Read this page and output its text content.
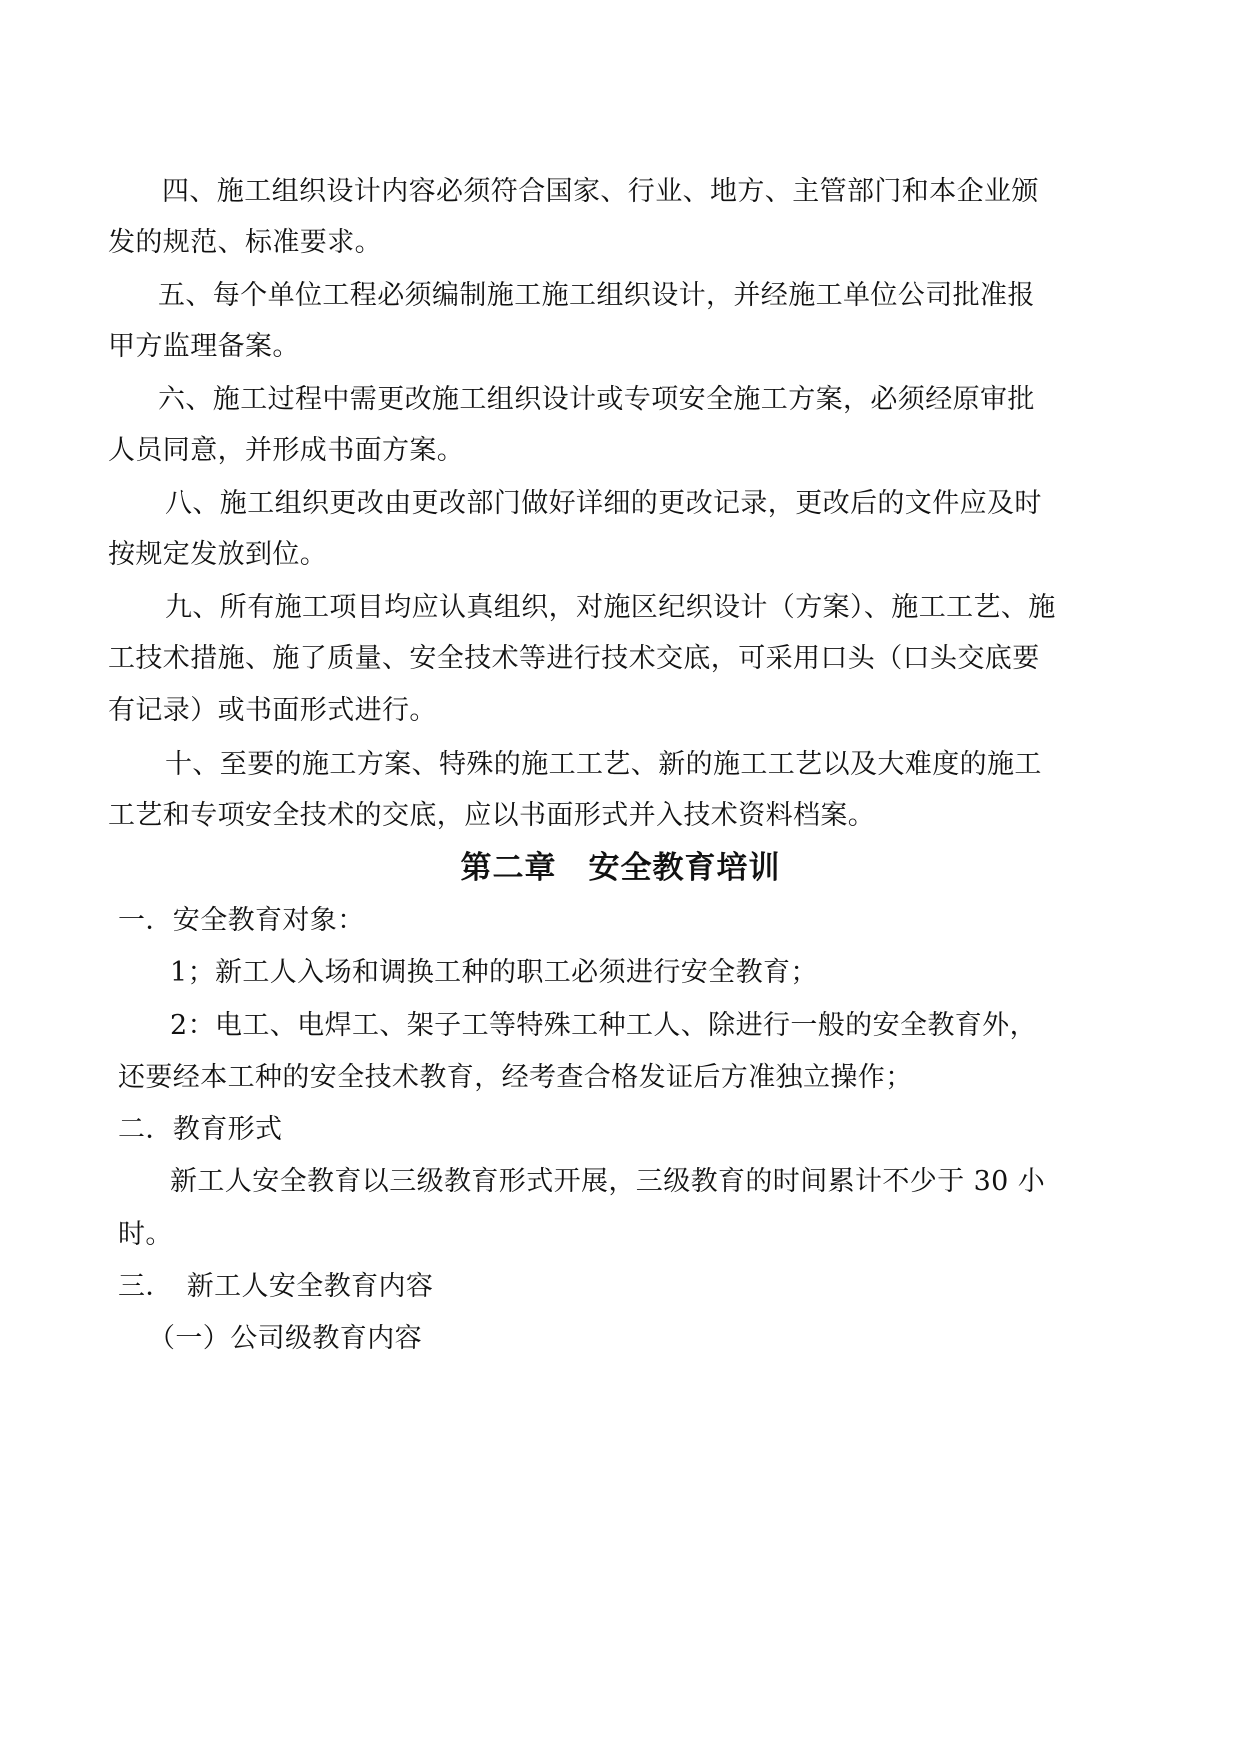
四、施工组织设计内容必须符合国家、行业、地方、主管部门和本企业颁
发的规范、标准要求。
五、每个单位工程必须编制施工施工组织设计，并经施工单位公司批准报
甲方监理备案。
六、施工过程中需更改施工组织设计或专项安全施工方案，必须经原审批
人员同意，并形成书面方案。
八、施工组织更改由更改部门做好详细的更改记录，更改后的文件应及时
按规定发放到位。
九、所有施工项目均应认真组织，对施区纪织设计（方案）、施工工艺、施
工技术措施、施了质量、安全技术等进行技术交底，可采用口头（口头交底要
有记录）或书面形式进行。
十、至要的施工方案、特殊的施工工艺、新的施工工艺以及大难度的施工
工艺和专项安全技术的交底，应以书面形式并入技术资料档案。
第二章　安全教育培训
一．安全教育对象：
1；新工人入场和调换工种的职工必须进行安全教育；
2：电工、电焊工、架子工等特殊工种工人、除进行一般的安全教育外，
还要经本工种的安全技术教育，经考查合格发证后方准独立操作；
二．教育形式
新工人安全教育以三级教育形式开展，三级教育的时间累计不少于 30 小
时。
三．　新工人安全教育内容
（一）公司级教育内容
